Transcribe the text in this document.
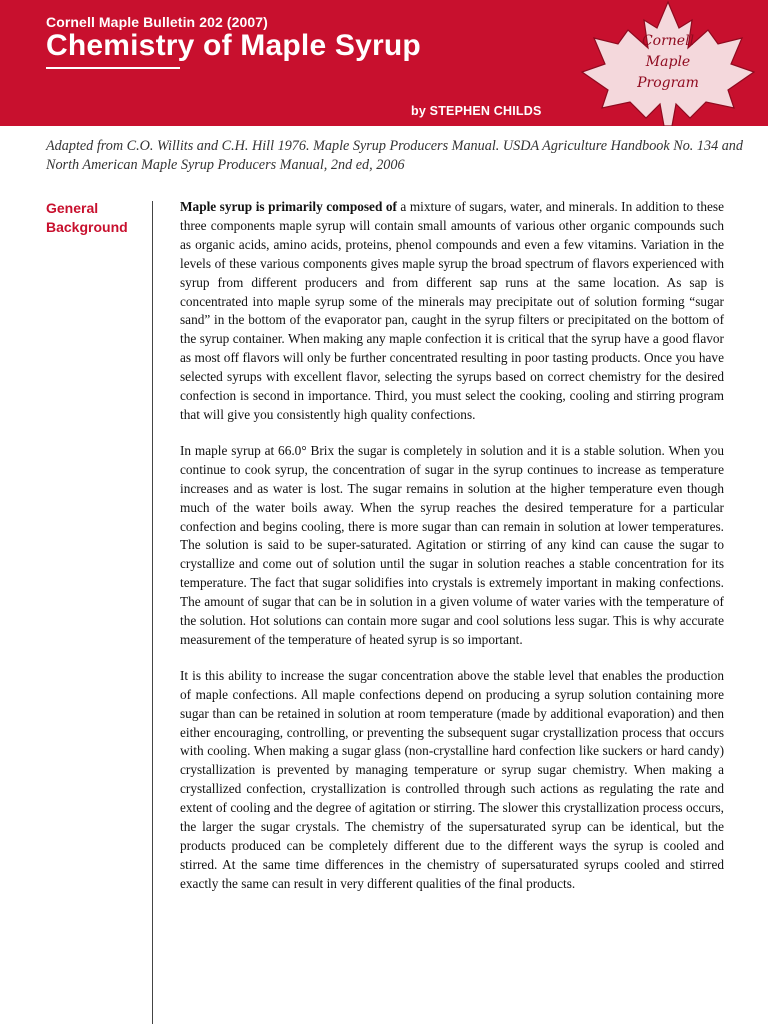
Cornell Maple Bulletin 202 (2007)
Chemistry of Maple Syrup
by STEPHEN CHILDS
Cornell
Maple
Program
Adapted from C.O. Willits and C.H. Hill 1976. Maple Syrup Producers Manual. USDA Agriculture Handbook No. 134 and North American Maple Syrup Producers Manual, 2nd ed, 2006
General
Background

Maple syrup is primarily composed of a mixture of sugars, water, and minerals. In addition to these three components maple syrup will contain small amounts of various other organic compounds such as organic acids, amino acids, proteins, phenol compounds and even a few vitamins. Variation in the levels of these various components gives maple syrup the broad spectrum of flavors experienced with syrup from different producers and from different sap runs at the same location. As sap is concentrated into maple syrup some of the minerals may precipitate out of solution forming “sugar sand” in the bottom of the evaporator pan, caught in the syrup filters or precipitated on the bottom of the syrup container. When making any maple confection it is critical that the syrup have a good flavor as most off flavors will only be further concentrated resulting in poor tasting products. Once you have selected syrups with excellent flavor, selecting the syrups based on correct chemistry for the desired confection is second in importance. Third, you must select the cooking, cooling and stirring program that will give you consistently high quality confections.

In maple syrup at 66.0° Brix the sugar is completely in solution and it is a stable solution. When you continue to cook syrup, the concentration of sugar in the syrup continues to increase as temperature increases and as water is lost. The sugar remains in solution at the higher temperature even though much of the water boils away. When the syrup reaches the desired temperature for a particular confection and begins cooling, there is more sugar than can remain in solution at lower temperatures. The solution is said to be super-saturated. Agitation or stirring of any kind can cause the sugar to crystallize and come out of solution until the sugar in solution reaches a stable concentration for its temperature. The fact that sugar solidifies into crystals is extremely important in making confections. The amount of sugar that can be in solution in a given volume of water varies with the temperature of the solution. Hot solutions can contain more sugar and cool solutions less sugar. This is why accurate measurement of the temperature of heated syrup is so important.

It is this ability to increase the sugar concentration above the stable level that enables the production of maple confections. All maple confections depend on producing a syrup solution containing more sugar than can be retained in solution at room temperature (made by additional evaporation) and then either encouraging, controlling, or preventing the subsequent sugar crystallization process that occurs with cooling. When making a sugar glass (non-crystalline hard confection like suckers or hard candy) crystallization is prevented by managing temperature or syrup sugar chemistry. When making a crystallized confection, crystallization is controlled through such actions as regulating the rate and extent of cooling and the degree of agitation or stirring. The slower this crystallization process occurs, the larger the sugar crystals. The chemistry of the supersaturated syrup can be identical, but the products produced can be completely different due to the different ways the syrup is cooled and stirred. At the same time differences in the chemistry of supersaturated syrups cooled and stirred exactly the same can result in very different qualities of the final products.
